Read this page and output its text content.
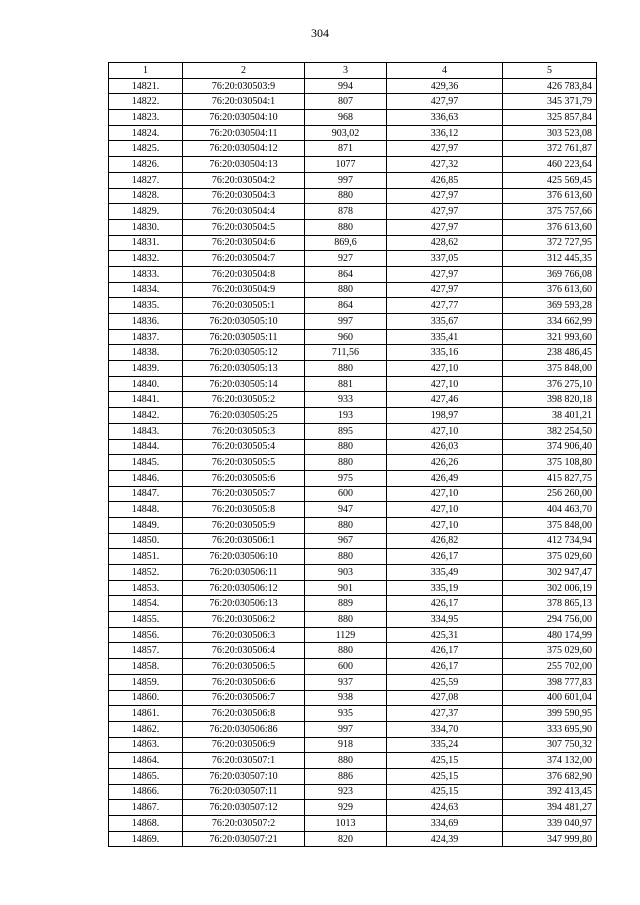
304
1	2	3	4	5
14821.	76:20:030503:9	994	429,36	426 783,84
14822.	76:20:030504:1	807	427,97	345 371,79
14823.	76:20:030504:10	968	336,63	325 857,84
14824.	76:20:030504:11	903,02	336,12	303 523,08
14825.	76:20:030504:12	871	427,97	372 761,87
14826.	76:20:030504:13	1077	427,32	460 223,64
14827.	76:20:030504:2	997	426,85	425 569,45
14828.	76:20:030504:3	880	427,97	376 613,60
14829.	76:20:030504:4	878	427,97	375 757,66
14830.	76:20:030504:5	880	427,97	376 613,60
14831.	76:20:030504:6	869,6	428,62	372 727,95
14832.	76:20:030504:7	927	337,05	312 445,35
14833.	76:20:030504:8	864	427,97	369 766,08
14834.	76:20:030504:9	880	427,97	376 613,60
14835.	76:20:030505:1	864	427,77	369 593,28
14836.	76:20:030505:10	997	335,67	334 662,99
14837.	76:20:030505:11	960	335,41	321 993,60
14838.	76:20:030505:12	711,56	335,16	238 486,45
14839.	76:20:030505:13	880	427,10	375 848,00
14840.	76:20:030505:14	881	427,10	376 275,10
14841.	76:20:030505:2	933	427,46	398 820,18
14842.	76:20:030505:25	193	198,97	38 401,21
14843.	76:20:030505:3	895	427,10	382 254,50
14844.	76:20:030505:4	880	426,03	374 906,40
14845.	76:20:030505:5	880	426,26	375 108,80
14846.	76:20:030505:6	975	426,49	415 827,75
14847.	76:20:030505:7	600	427,10	256 260,00
14848.	76:20:030505:8	947	427,10	404 463,70
14849.	76:20:030505:9	880	427,10	375 848,00
14850.	76:20:030506:1	967	426,82	412 734,94
14851.	76:20:030506:10	880	426,17	375 029,60
14852.	76:20:030506:11	903	335,49	302 947,47
14853.	76:20:030506:12	901	335,19	302 006,19
14854.	76:20:030506:13	889	426,17	378 865,13
14855.	76:20:030506:2	880	334,95	294 756,00
14856.	76:20:030506:3	1129	425,31	480 174,99
14857.	76:20:030506:4	880	426,17	375 029,60
14858.	76:20:030506:5	600	426,17	255 702,00
14859.	76:20:030506:6	937	425,59	398 777,83
14860.	76:20:030506:7	938	427,08	400 601,04
14861.	76:20:030506:8	935	427,37	399 590,95
14862.	76:20:030506:86	997	334,70	333 695,90
14863.	76:20:030506:9	918	335,24	307 750,32
14864.	76:20:030507:1	880	425,15	374 132,00
14865.	76:20:030507:10	886	425,15	376 682,90
14866.	76:20:030507:11	923	425,15	392 413,45
14867.	76:20:030507:12	929	424,63	394 481,27
14868.	76:20:030507:2	1013	334,69	339 040,97
14869.	76:20:030507:21	820	424,39	347 999,80
